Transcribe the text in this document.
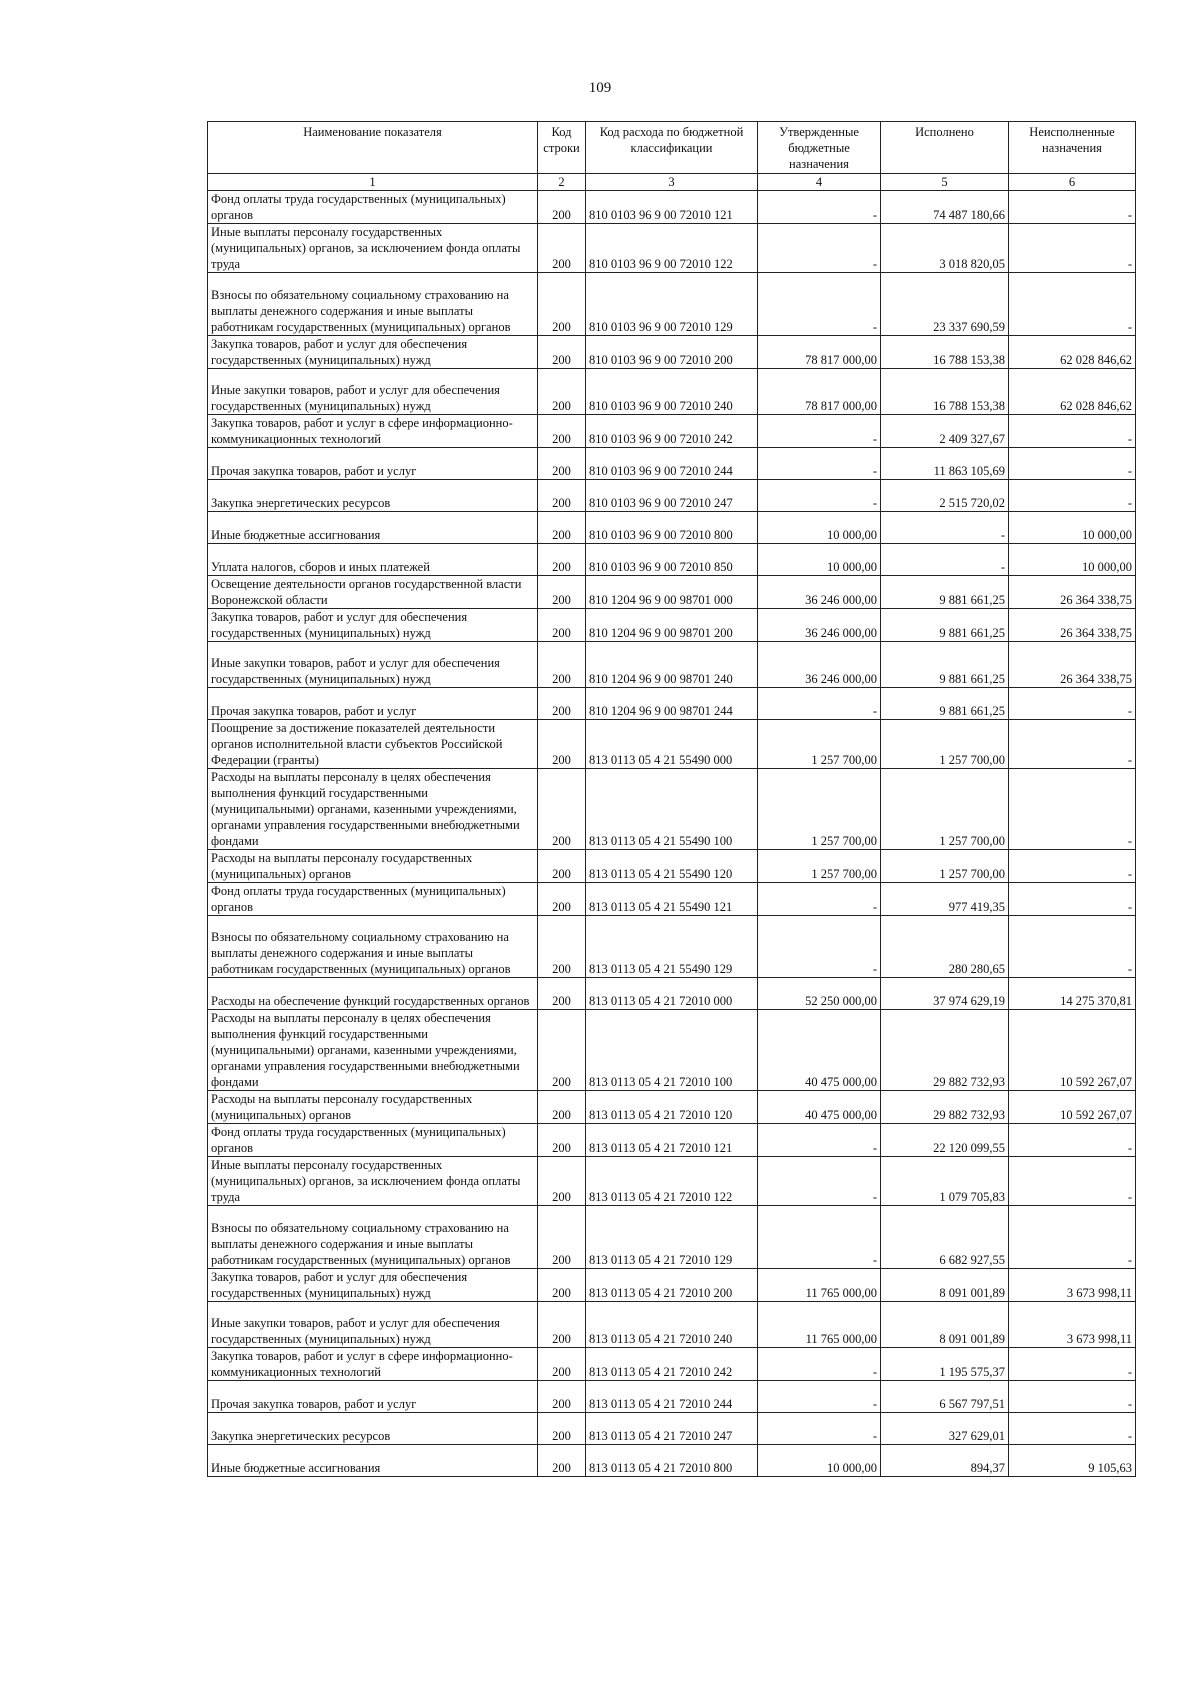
109
Наименование показателя	Код строки	Код расхода по бюджетной классификации	Утвержденные бюджетные назначения	Исполнено	Неисполненные назначения
1	2	3	4	5	6
Фонд оплаты труда государственных (муниципальных) органов	200	810 0103 96 9 00 72010 121	-	74 487 180,66	-
Иные выплаты персоналу государственных (муниципальных) органов, за исключением фонда оплаты труда	200	810 0103 96 9 00 72010 122	-	3 018 820,05	-
Взносы по обязательному социальному страхованию на выплаты денежного содержания и иные выплаты работникам государственных (муниципальных) органов	200	810 0103 96 9 00 72010 129	-	23 337 690,59	-
Закупка товаров, работ и услуг для обеспечения государственных (муниципальных) нужд	200	810 0103 96 9 00 72010 200	78 817 000,00	16 788 153,38	62 028 846,62
Иные закупки товаров, работ и услуг для обеспечения государственных (муниципальных) нужд	200	810 0103 96 9 00 72010 240	78 817 000,00	16 788 153,38	62 028 846,62
Закупка товаров, работ и услуг в сфере информационно-коммуникационных технологий	200	810 0103 96 9 00 72010 242	-	2 409 327,67	-
Прочая закупка товаров, работ и услуг	200	810 0103 96 9 00 72010 244	-	11 863 105,69	-
Закупка энергетических ресурсов	200	810 0103 96 9 00 72010 247	-	2 515 720,02	-
Иные бюджетные ассигнования	200	810 0103 96 9 00 72010 800	10 000,00	-	10 000,00
Уплата налогов, сборов и иных платежей	200	810 0103 96 9 00 72010 850	10 000,00	-	10 000,00
Освещение деятельности органов государственной власти Воронежской области	200	810 1204 96 9 00 98701 000	36 246 000,00	9 881 661,25	26 364 338,75
Закупка товаров, работ и услуг для обеспечения государственных (муниципальных) нужд	200	810 1204 96 9 00 98701 200	36 246 000,00	9 881 661,25	26 364 338,75
Иные закупки товаров, работ и услуг для обеспечения государственных (муниципальных) нужд	200	810 1204 96 9 00 98701 240	36 246 000,00	9 881 661,25	26 364 338,75
Прочая закупка товаров, работ и услуг	200	810 1204 96 9 00 98701 244	-	9 881 661,25	-
Поощрение за достижение показателей деятельности органов исполнительной власти субъектов Российской Федерации (гранты)	200	813 0113 05 4 21 55490 000	1 257 700,00	1 257 700,00	-
Расходы на выплаты персоналу в целях обеспечения выполнения функций государственными (муниципальными) органами, казенными учреждениями, органами управления государственными внебюджетными фондами	200	813 0113 05 4 21 55490 100	1 257 700,00	1 257 700,00	-
Расходы на выплаты персоналу государственных (муниципальных) органов	200	813 0113 05 4 21 55490 120	1 257 700,00	1 257 700,00	-
Фонд оплаты труда государственных (муниципальных) органов	200	813 0113 05 4 21 55490 121	-	977 419,35	-
Взносы по обязательному социальному страхованию на выплаты денежного содержания и иные выплаты работникам государственных (муниципальных) органов	200	813 0113 05 4 21 55490 129	-	280 280,65	-
Расходы на обеспечение функций государственных органов	200	813 0113 05 4 21 72010 000	52 250 000,00	37 974 629,19	14 275 370,81
Расходы на выплаты персоналу в целях обеспечения выполнения функций государственными (муниципальными) органами, казенными учреждениями, органами управления государственными внебюджетными фондами	200	813 0113 05 4 21 72010 100	40 475 000,00	29 882 732,93	10 592 267,07
Расходы на выплаты персоналу государственных (муниципальных) органов	200	813 0113 05 4 21 72010 120	40 475 000,00	29 882 732,93	10 592 267,07
Фонд оплаты труда государственных (муниципальных) органов	200	813 0113 05 4 21 72010 121	-	22 120 099,55	-
Иные выплаты персоналу государственных (муниципальных) органов, за исключением фонда оплаты труда	200	813 0113 05 4 21 72010 122	-	1 079 705,83	-
Взносы по обязательному социальному страхованию на выплаты денежного содержания и иные выплаты работникам государственных (муниципальных) органов	200	813 0113 05 4 21 72010 129	-	6 682 927,55	-
Закупка товаров, работ и услуг для обеспечения государственных (муниципальных) нужд	200	813 0113 05 4 21 72010 200	11 765 000,00	8 091 001,89	3 673 998,11
Иные закупки товаров, работ и услуг для обеспечения государственных (муниципальных) нужд	200	813 0113 05 4 21 72010 240	11 765 000,00	8 091 001,89	3 673 998,11
Закупка товаров, работ и услуг в сфере информационно-коммуникационных технологий	200	813 0113 05 4 21 72010 242	-	1 195 575,37	-
Прочая закупка товаров, работ и услуг	200	813 0113 05 4 21 72010 244	-	6 567 797,51	-
Закупка энергетических ресурсов	200	813 0113 05 4 21 72010 247	-	327 629,01	-
Иные бюджетные ассигнования	200	813 0113 05 4 21 72010 800	10 000,00	894,37	9 105,63
